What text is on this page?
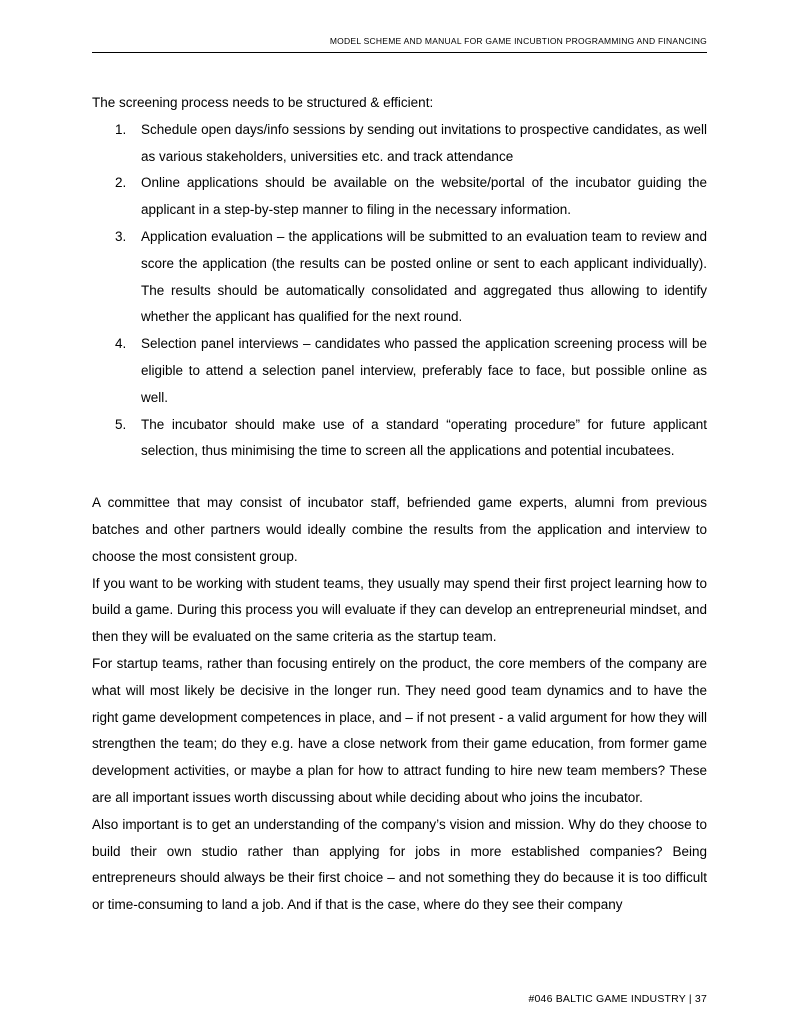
MODEL SCHEME AND MANUAL FOR GAME INCUBTION PROGRAMMING AND FINANCING

The screening process needs to be structured & efficient:

1. Schedule open days/info sessions by sending out invitations to prospective candidates, as well as various stakeholders, universities etc. and track attendance
2. Online applications should be available on the website/portal of the incubator guiding the applicant in a step-by-step manner to filing in the necessary information.
3. Application evaluation – the applications will be submitted to an evaluation team to review and score the application (the results can be posted online or sent to each applicant individually). The results should be automatically consolidated and aggregated thus allowing to identify whether the applicant has qualified for the next round.
4. Selection panel interviews – candidates who passed the application screening process will be eligible to attend a selection panel interview, preferably face to face, but possible online as well.
5. The incubator should make use of a standard “operating procedure” for future applicant selection, thus minimising the time to screen all the applications and potential incubatees.

A committee that may consist of incubator staff, befriended game experts, alumni from previous batches and other partners would ideally combine the results from the application and interview to choose the most consistent group.

If you want to be working with student teams, they usually may spend their first project learning how to build a game. During this process you will evaluate if they can develop an entrepreneurial mindset, and then they will be evaluated on the same criteria as the startup team.

For startup teams, rather than focusing entirely on the product, the core members of the company are what will most likely be decisive in the longer run. They need good team dynamics and to have the right game development competences in place, and – if not present - a valid argument for how they will strengthen the team; do they e.g. have a close network from their game education, from former game development activities, or maybe a plan for how to attract funding to hire new team members? These are all important issues worth discussing about while deciding about who joins the incubator.

Also important is to get an understanding of the company’s vision and mission. Why do they choose to build their own studio rather than applying for jobs in more established companies? Being entrepreneurs should always be their first choice – and not something they do because it is too difficult or time-consuming to land a job. And if that is the case, where do they see their company

#046 BALTIC GAME INDUSTRY | 37
